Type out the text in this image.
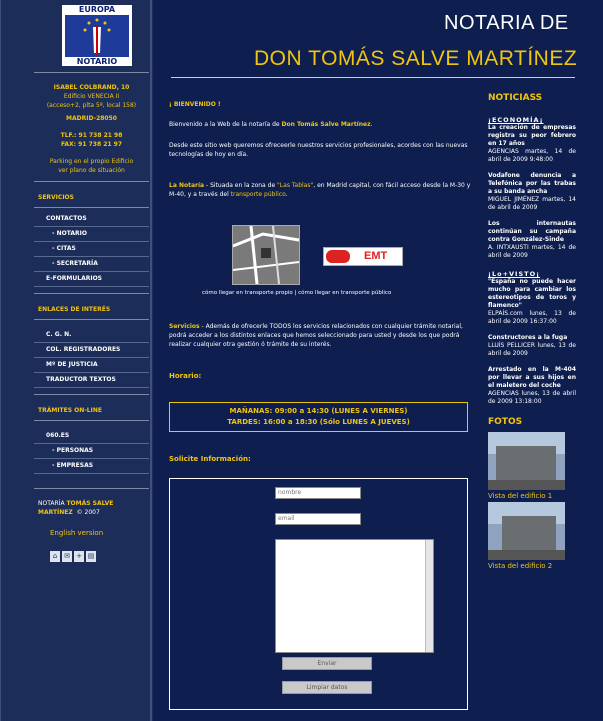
EUROPA
NOTARIO
ISABEL COLBRAND, 10
Edificio VENECIA II
(acceso+2, plta 5ª, local 158)
MADRID-28050
TLF.: 91 738 21 98
FAX: 91 738 21 97
Parking en el propio Edificio
ver plano de situación
SERVICIOS
CONTACTOS
- NOTARIO
- CITAS
- SECRETARÍA
E-FORMULARIOS
ENLACES DE INTERÉS
C. G. N.
COL. REGISTRADORES
Mº DE JUSTICIA
TRADUCTOR TEXTOS
TRÁMITES ON-LINE
060.ES
- PERSONAS
- EMPRESAS
NOTARÍA TOMÁS SALVE MARTÍNEZ © 2007
English version
⌂ ✉ + ▤
NOTARIA DE
DON TOMÁS SALVE MARTÍNEZ

¡ BIENVENIDO !

Bienvenido a la Web de la notaría de Don Tomás Salve Martínez.

Desde este sitio web queremos ofreceerle nuestros servicios profesionales, acordes con las nuevas tecnologías de hoy en día.

La Notaría - Situada en la zona de "Las Tablas", en Madrid capital, con fácil acceso desde la M-30 y M-40, y a través del transporte público.

EMT
cómo llegar en transporte propio | cómo llegar en transporte público

Servicios - Además de ofrecerle TODOS los servicios relacionados con cualquier trámite notarial, podrá acceder a los distintos enlaces que hemos seleccionado para usted y desde los que podrá realizar cualquier otra gestión ó trámite de su interés.

Horario:

MAÑANAS: 09:00 a 14:30 (LUNES A VIERNES)
TARDES: 16:00 a 18:30 (Sólo LUNES A JUEVES)

Solicite Información:

nombre
email
Enviar
Limpiar datos
NOTICIASS
¡ECONOMÍA¡
La creación de empresas registra su peor febrero en 17 años
AGENCIAS martes, 14 de abril de 2009 9:48:00
Vodafone denuncia a Telefónica por las trabas a su banda ancha
MIGUEL JIMÉNEZ martes, 14 de abril de 2009
Los internautas continúan su campaña contra González-Sinde
A. INTXAUSTI martes, 14 de abril de 2009
¡Lo+VISTO¡
"España no puede hacer mucho para cambiar los estereotipos de toros y flamenco"
ELPAÍS.com lunes, 13 de abril de 2009 16:37:00
Constructores a la fuga
LLUÍS PELLICER lunes, 13 de abril de 2009
Arrestado en la M-404 por llevar a sus hijos en el maletero del coche
AGENCIAS lunes, 13 de abril de 2009 13:18:00
FOTOS
Vista del edificio 1
Vista del edificio 2
